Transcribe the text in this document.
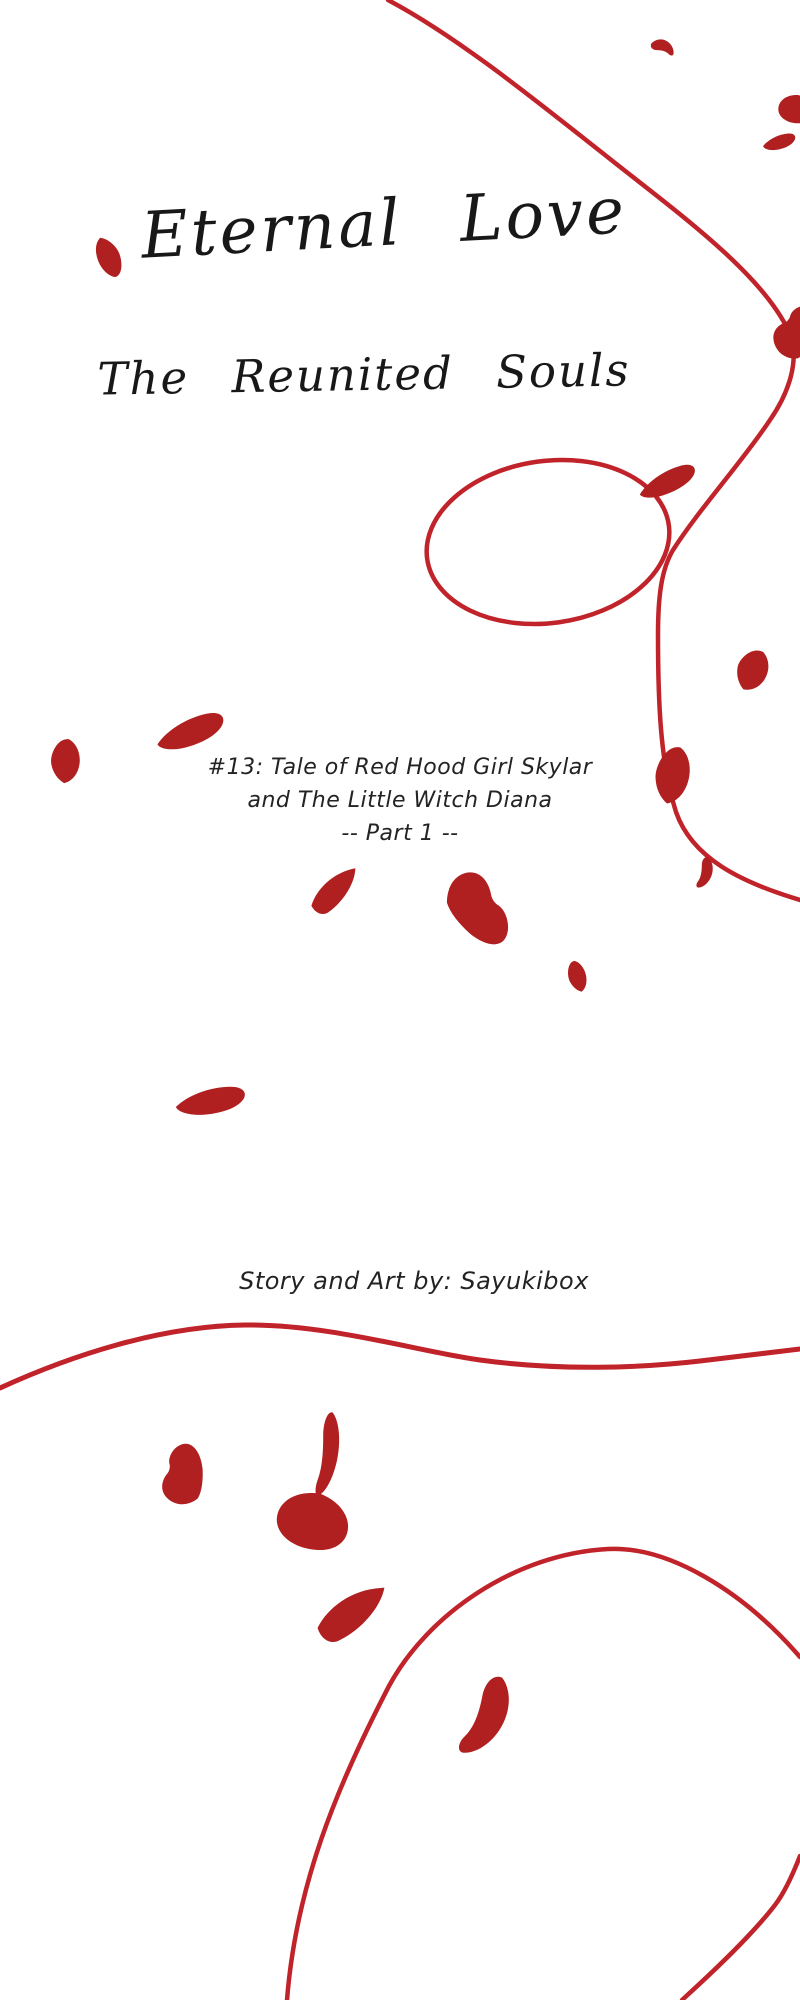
Eternal Love
The Reunited Souls
#13: Tale of Red Hood Girl Skylar
and The Little Witch Diana
-- Part 1 --
Story and Art by: Sayukibox
